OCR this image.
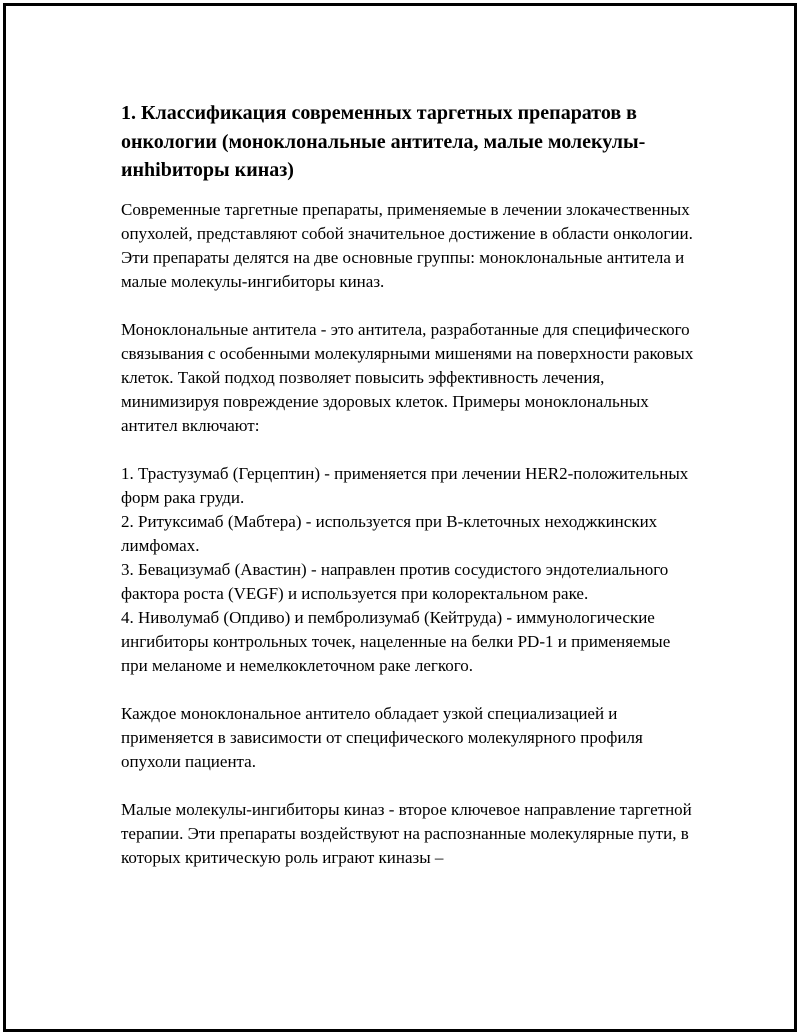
1. Классификация современных таргетных препаратов в онкологии (моноклональные антитела, малые молекулы-инhibиторы киназ)

Современные таргетные препараты, применяемые в лечении злокачественных опухолей, представляют собой значительное достижение в области онкологии. Эти препараты делятся на две основные группы: моноклональные антитела и малые молекулы-ингибиторы киназ.

Моноклональные антитела - это антитела, разработанные для специфического связывания с особенными молекулярными мишенями на поверхности раковых клеток. Такой подход позволяет повысить эффективность лечения, минимизируя повреждение здоровых клеток. Примеры моноклональных антител включают:

1. Трастузумаб (Герцептин) - применяется при лечении HER2-положительных форм рака груди.
2. Ритуксимаб (Мабтера) - используется при B-клеточных неходжкинских лимфомах.
3. Бевацизумаб (Авастин) - направлен против сосудистого эндотелиального фактора роста (VEGF) и используется при колоректальном раке.
4. Ниволумаб (Опдиво) и пембролизумаб (Кейтруда) - иммунологические ингибиторы контрольных точек, нацеленные на белки PD-1 и применяемые при меланоме и немелкоклеточном раке легкого.

Каждое моноклональное антитело обладает узкой специализацией и применяется в зависимости от специфического молекулярного профиля опухоли пациента.

Малые молекулы-ингибиторы киназ - второе ключевое направление таргетной терапии. Эти препараты воздействуют на распознанные молекулярные пути, в которых критическую роль играют киназы –
